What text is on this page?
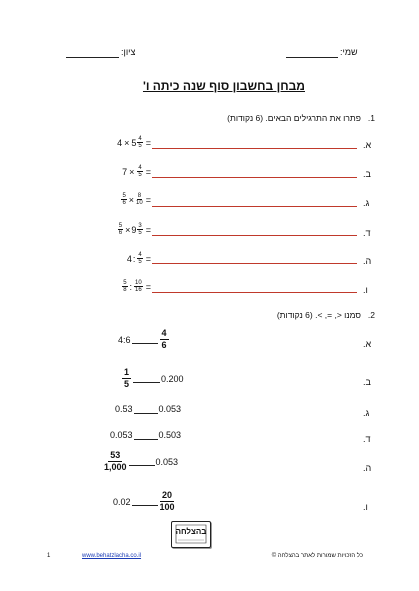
שמי:
ציון:
מבחן בחשבון סוף שנה כיתה ו'
1.
פתרו את התרגילים הבאים. (6 נקודות)
א.
$4 \times 5 \frac{4}{5}$ =
ב.
$7 \times \frac{4}{5}$ =
ג.
$\frac{5}{6} \times \frac{8}{10}$ =
ד.
$\frac{5}{6} \times 9 \frac{3}{5}$ =
ה.
4 : $\frac{4}{5}$ =
ו.
$\frac{5}{8}$ : $\frac{10}{16}$ =
2.
סמנו <, =, >. (6 נקודות)
א.
4:6	$\frac{4}{6}$
ב.
$\frac{1}{5}$	0.200
ג.
0.53	0.053
ד.
0.053	0.503
ה.
$\frac{53}{1,000}$	0.053
ו.
0.02	$\frac{20}{100}$
בהצלחה
1	www.behatzlacha.co.il	כל הזכויות שמורות לאתר בהצלחה ©
